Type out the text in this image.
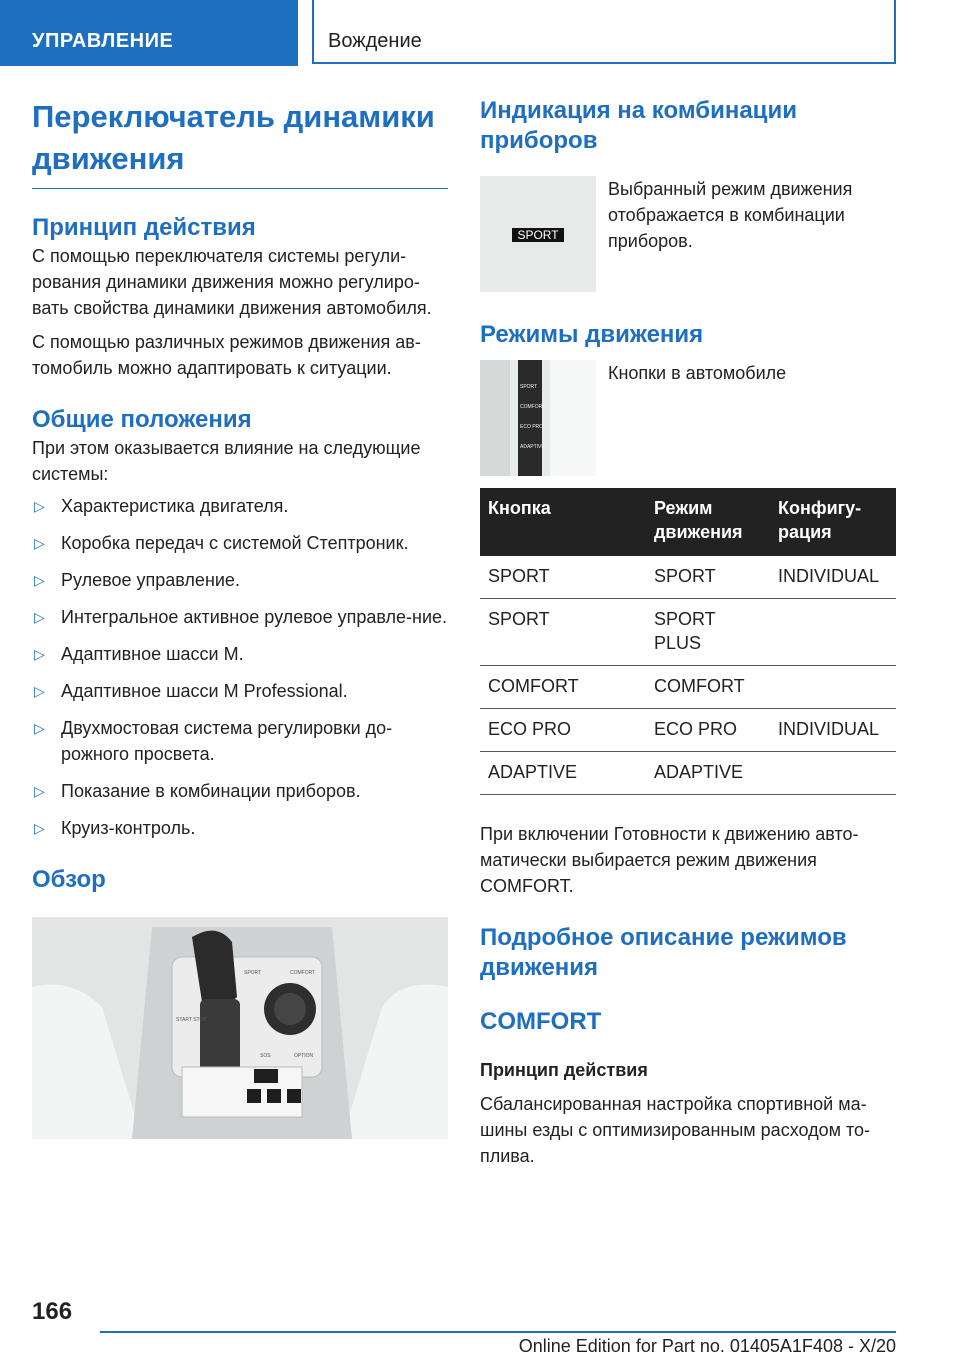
УПРАВЛЕНИЕ	Вождение
Переключатель динамики движения
Принцип действия

С помощью переключателя системы регули-рования динамики движения можно регулиро-вать свойства динамики движения автомобиля.

С помощью различных режимов движения ав-томобиль можно адаптировать к ситуации.

Общие положения

При этом оказывается влияние на следующие системы:

▷ Характеристика двигателя.
▷ Коробка передач с системой Стептроник.
▷ Рулевое управление.
▷ Интегральное активное рулевое управле-ние.
▷ Адаптивное шасси M.
▷ Адаптивное шасси M Professional.
▷ Двухмостовая система регулировки до-рожного просвета.
▷ Показание в комбинации приборов.
▷ Круиз-контроль.
Обзор
SPORT	COMFORT
START STOP
SOS	OPTION
Индикация на комбинации приборов
SPORT

Выбранный режим движения отображается в комбинации приборов.

Режимы движения
SPORT
COMFORT
ECO PRO
ADAPTIVE

Кнопки в автомобиле

Кнопка	Режим движения	Конфигу-рация
SPORT	SPORT	INDIVIDUAL
SPORT	SPORT PLUS	
COMFORT	COMFORT	
ECO PRO	ECO PRO	INDIVIDUAL
ADAPTIVE	ADAPTIVE	

При включении Готовности к движению авто-матически выбирается режим движения COMFORT.

Подробное описание режимов движения
COMFORT
Принцип действия

Сбалансированная настройка спортивной ма-шины езды с оптимизированным расходом то-плива.

166
Online Edition for Part no. 01405A1F408 - X/20
